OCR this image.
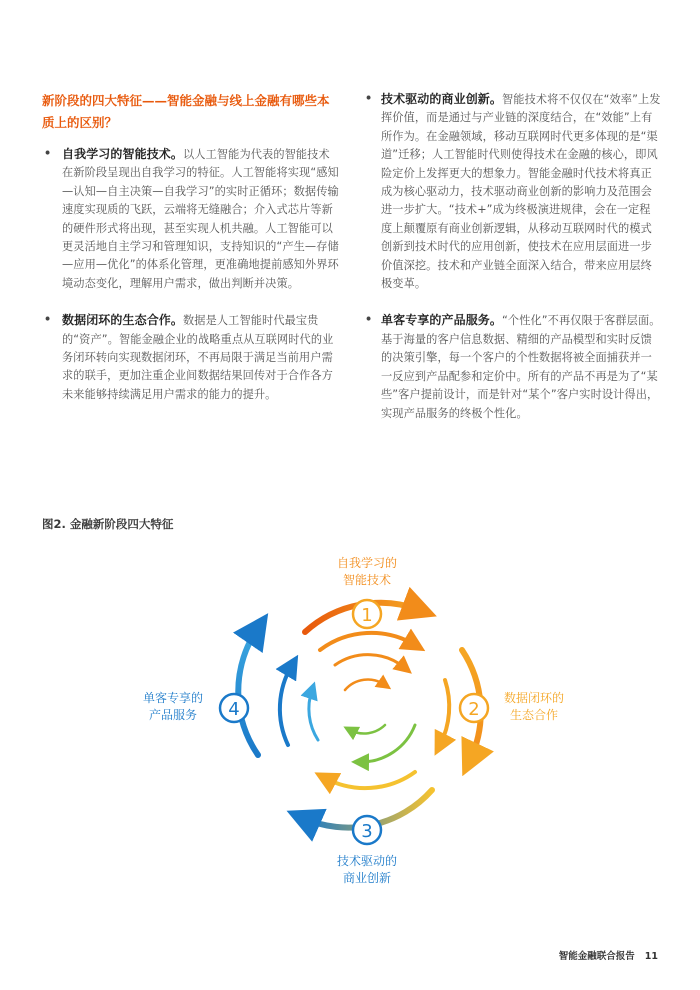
新阶段的四大特征——智能金融与线上金融有哪些本质上的区别？
• 自我学习的智能技术。以人工智能为代表的智能技术在新阶段呈现出自我学习的特征。人工智能将实现“感知—认知—自主决策—自我学习”的实时正循环；数据传输速度实现质的飞跃，云端将无缝融合；介入式芯片等新的硬件形式将出现，甚至实现人机共融。人工智能可以更灵活地自主学习和管理知识，支持知识的“产生—存储—应用—优化”的体系化管理，更准确地提前感知外界环境动态变化，理解用户需求，做出判断并决策。
• 数据闭环的生态合作。数据是人工智能时代最宝贵的“资产”。智能金融企业的战略重点从互联网时代的业务闭环转向实现数据闭环，不再局限于满足当前用户需求的联手，更加注重企业间数据结果回传对于合作各方未来能够持续满足用户需求的能力的提升。
• 技术驱动的商业创新。智能技术将不仅仅在“效率”上发挥价值，而是通过与产业链的深度结合，在“效能”上有所作为。在金融领域，移动互联网时代更多体现的是“渠道”迁移；人工智能时代则使得技术在金融的核心，即风险定价上发挥更大的想象力。智能金融时代技术将真正成为核心驱动力，技术驱动商业创新的影响力及范围会进一步扩大。“技术+”成为终极演进规律，会在一定程度上颠覆原有商业创新逻辑，从移动互联网时代的模式创新到技术时代的应用创新，使技术在应用层面进一步价值深挖。技术和产业链全面深入结合，带来应用层终极变革。
• 单客专享的产品服务。“个性化”不再仅限于客群层面。基于海量的客户信息数据、精细的产品模型和实时反馈的决策引擎，每一个客户的个性数据将被全面捕获并一一反应到产品配参和定价中。所有的产品不再是为了“某些”客户提前设计，而是针对“某个”客户实时设计得出，实现产品服务的终极个性化。
图2. 金融新阶段四大特征
1
自我学习的
智能技术
2
数据闭环的
生态合作
3
技术驱动的
商业创新
4
单客专享的
产品服务
智能金融联合报告 11
